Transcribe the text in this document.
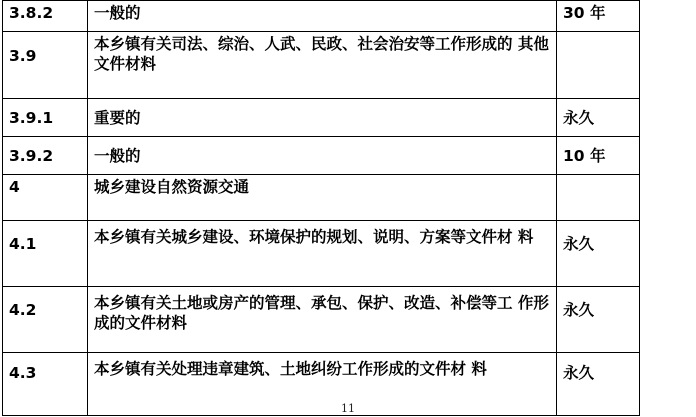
3.8.2	一般的	30 年
3.9	本乡镇有关司法、综治、人武、民政、社会治安等工作形成的 其他文件材料	
3.9.1	重要的	永久
3.9.2	一般的	10 年
4	城乡建设自然资源交通	
4.1	本乡镇有关城乡建设、环境保护的规划、说明、方案等文件材 料	永久
4.2	本乡镇有关土地或房产的管理、承包、保护、改造、补偿等工 作形成的文件材料	永久
4.3	本乡镇有关处理违章建筑、土地纠纷工作形成的文件材 料	永久
11
